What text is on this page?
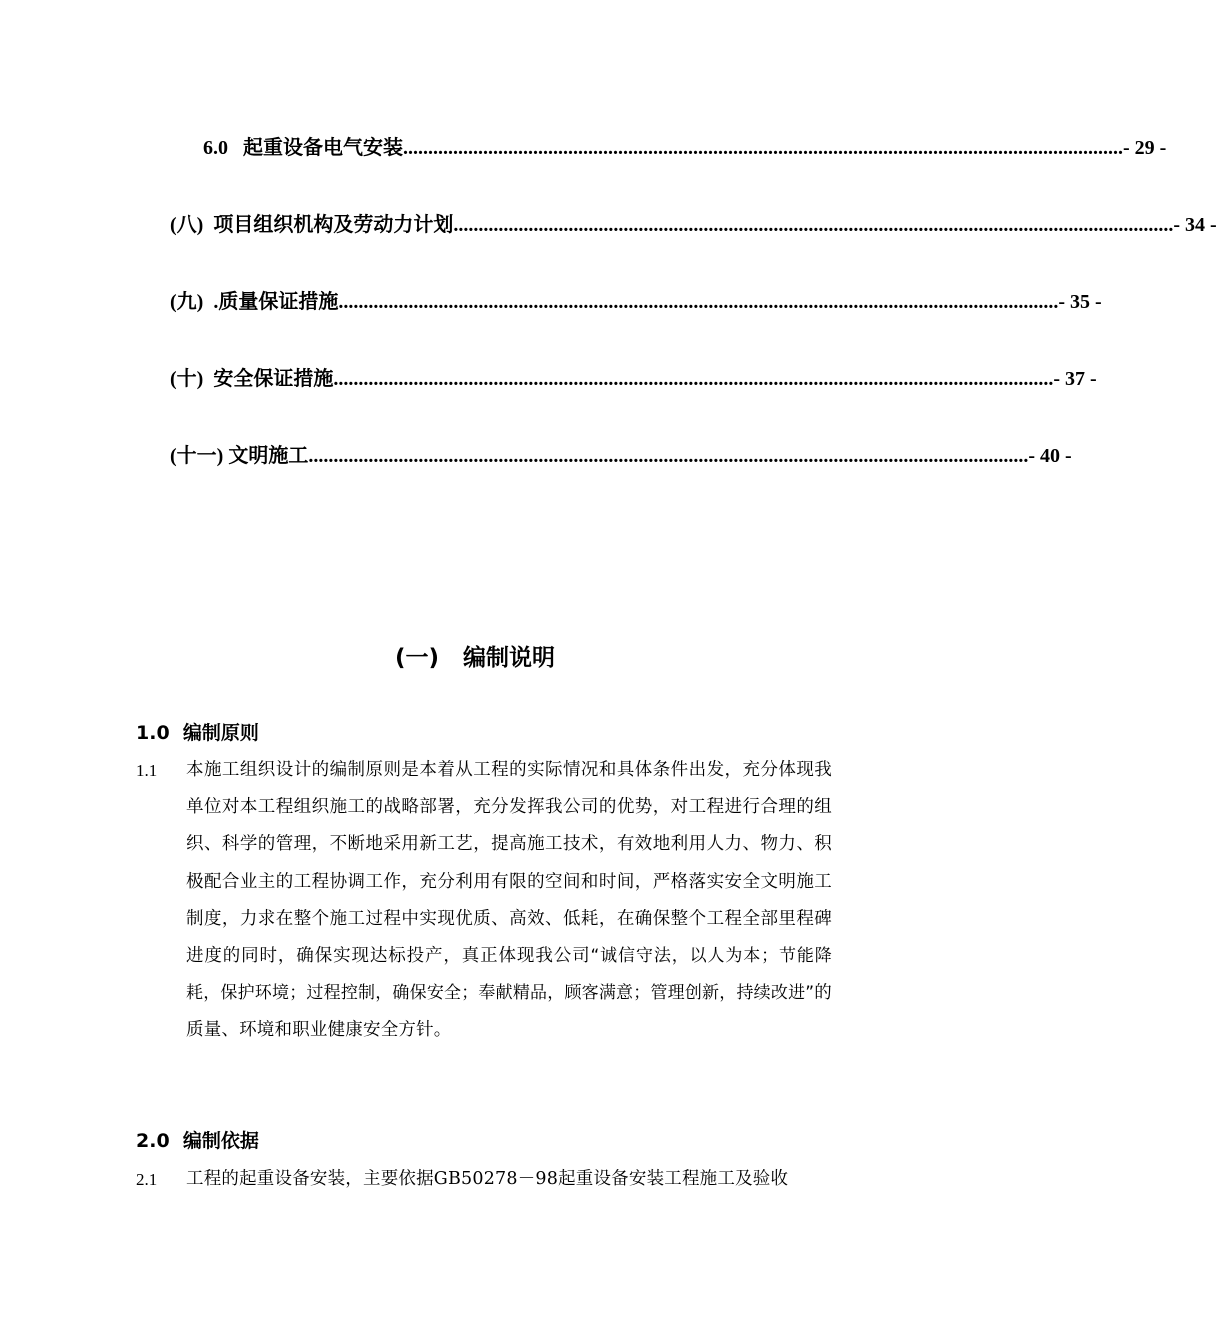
6.0
起重设备电气安装 ................................................................................................................................................ - 29 -
(八)
项目组织机构及劳动力计划 ................................................................................................................................................ - 34 -
(九)
.质量保证措施 ................................................................................................................................................ - 35 -
(十)
安全保证措施 ................................................................................................................................................ - 37 -
(十一)
文明施工 ................................................................................................................................................ - 40 -
(一) 编制说明
1.0 编制原则
1.1 本施工组织设计的编制原则是本着从工程的实际情况和具体条件出发，充分体现我单位对本工程组织施工的战略部署，充分发挥我公司的优势，对工程进行合理的组织、科学的管理，不断地采用新工艺，提高施工技术，有效地利用人力、物力、积极配合业主的工程协调工作，充分利用有限的空间和时间，严格落实安全文明施工制度，力求在整个施工过程中实现优质、高效、低耗，在确保整个工程全部里程碑进度的同时，确保实现达标投产，真正体现我公司“诚信守法，以人为本；节能降耗，保护环境；过程控制，确保安全；奉献精品，顾客满意；管理创新，持续改进”的质量、环境和职业健康安全方针。
2.0 编制依据
2.1 工程的起重设备安装，主要依据GB50278－98起重设备安装工程施工及验收
